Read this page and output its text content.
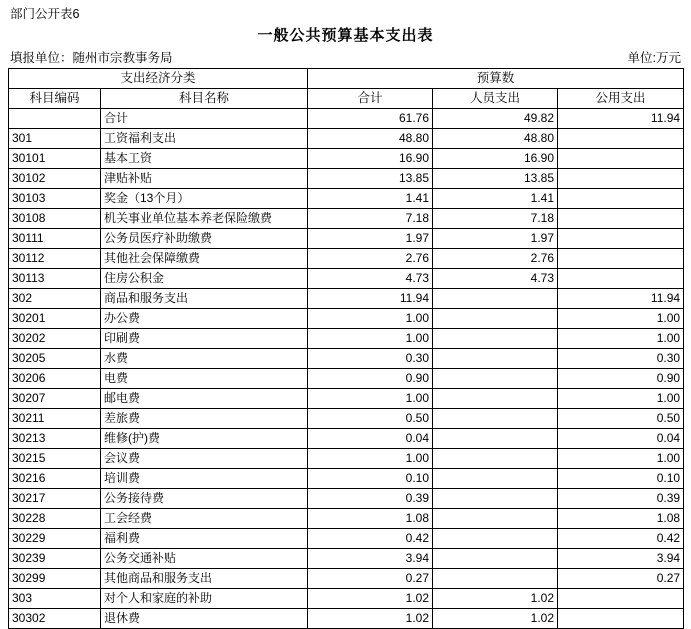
部门公开表6
一般公共预算基本支出表
填报单位：随州市宗教事务局	单位:万元
支出经济分类		预算数		
科目编码	科目名称	合计	人员支出	公用支出
	合计	61.76	49.82	11.94
301	工资福利支出	48.80	48.80	
30101	基本工资	16.90	16.90	
30102	津贴补贴	13.85	13.85	
30103	奖金（13个月）	1.41	1.41	
30108	机关事业单位基本养老保险缴费	7.18	7.18	
30111	公务员医疗补助缴费	1.97	1.97	
30112	其他社会保障缴费	2.76	2.76	
30113	住房公积金	4.73	4.73	
302	商品和服务支出	11.94		11.94
30201	办公费	1.00		1.00
30202	印刷费	1.00		1.00
30205	水费	0.30		0.30
30206	电费	0.90		0.90
30207	邮电费	1.00		1.00
30211	差旅费	0.50		0.50
30213	维修(护)费	0.04		0.04
30215	会议费	1.00		1.00
30216	培训费	0.10		0.10
30217	公务接待费	0.39		0.39
30228	工会经费	1.08		1.08
30229	福利费	0.42		0.42
30239	公务交通补贴	3.94		3.94
30299	其他商品和服务支出	0.27		0.27
303	对个人和家庭的补助	1.02	1.02	
30302	退休费	1.02	1.02	
